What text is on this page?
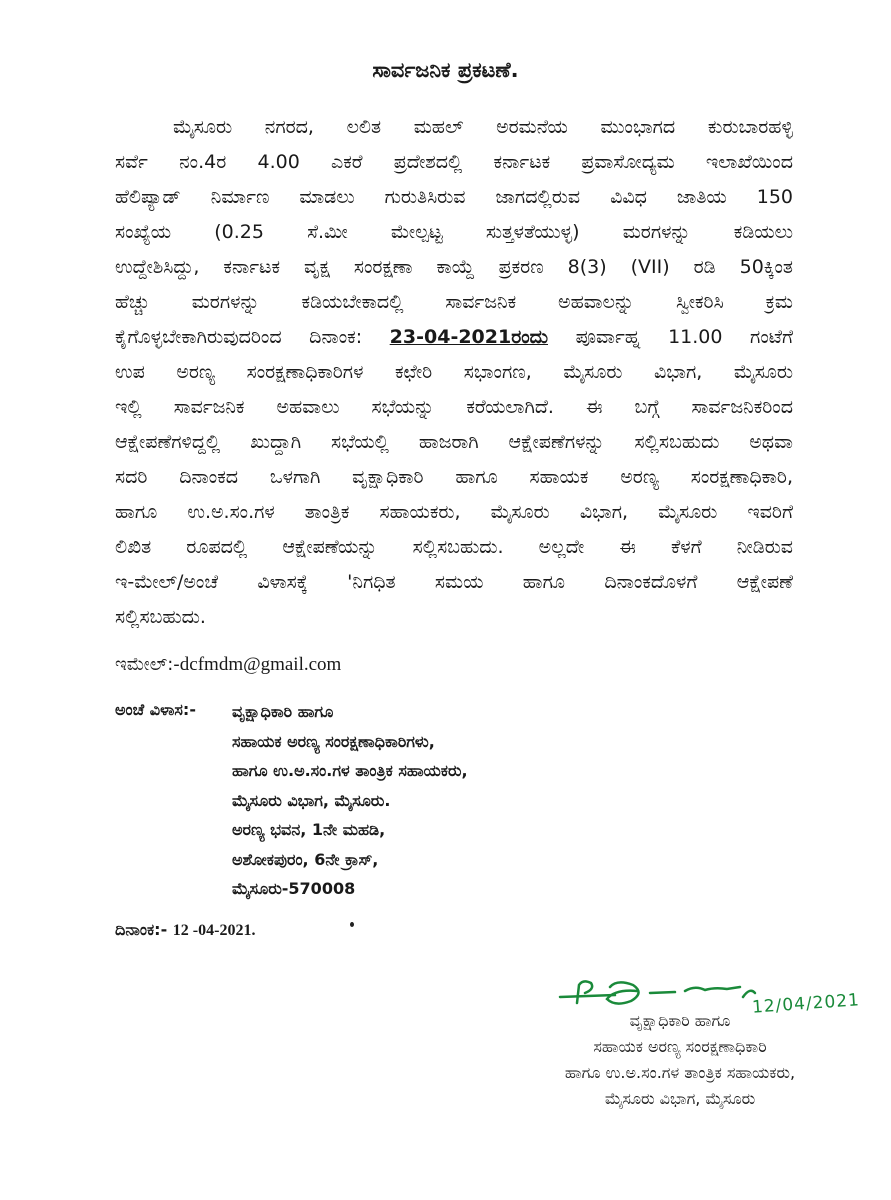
ಸಾರ್ವಜನಿಕ ಪ್ರಕಟಣೆ.
ಮೈಸೂರು ನಗರದ, ಲಲಿತ ಮಹಲ್ ಅರಮನೆಯ ಮುಂಭಾಗದ ಕುರುಬಾರಹಳ್ಳಿ
ಸರ್ವೆ ನಂ.4ರ 4.00 ಎಕರೆ ಪ್ರದೇಶದಲ್ಲಿ ಕರ್ನಾಟಕ ಪ್ರವಾಸೋದ್ಯಮ ಇಲಾಖೆಯಿಂದ
ಹೆಲಿಪ್ಯಾಡ್ ನಿರ್ಮಾಣ ಮಾಡಲು ಗುರುತಿಸಿರುವ ಜಾಗದಲ್ಲಿರುವ ವಿವಿಧ ಜಾತಿಯ 150
ಸಂಖ್ಯೆಯ (0.25 ಸೆ.ಮೀ ಮೇಲ್ಪಟ್ಟ ಸುತ್ತಳತೆಯುಳ್ಳ) ಮರಗಳನ್ನು ಕಡಿಯಲು
ಉದ್ದೇಶಿಸಿದ್ದು, ಕರ್ನಾಟಕ ವೃಕ್ಷ ಸಂರಕ್ಷಣಾ ಕಾಯ್ದೆ ಪ್ರಕರಣ 8(3) (VII) ರಡಿ 50ಕ್ಕಿಂತ
ಹೆಚ್ಚು ಮರಗಳನ್ನು ಕಡಿಯಬೇಕಾದಲ್ಲಿ ಸಾರ್ವಜನಿಕ ಅಹವಾಲನ್ನು ಸ್ವೀಕರಿಸಿ ಕ್ರಮ
ಕೈಗೊಳ್ಳಬೇಕಾಗಿರುವುದರಿಂದ ದಿನಾಂಕ: 23-04-2021ರಂದು ಪೂರ್ವಾಹ್ನ 11.00 ಗಂಟೆಗೆ
ಉಪ ಅರಣ್ಯ ಸಂರಕ್ಷಣಾಧಿಕಾರಿಗಳ ಕಛೇರಿ ಸಭಾಂಗಣ, ಮೈಸೂರು ವಿಭಾಗ, ಮೈಸೂರು
ಇಲ್ಲಿ ಸಾರ್ವಜನಿಕ ಅಹವಾಲು ಸಭೆಯನ್ನು ಕರೆಯಲಾಗಿದೆ. ಈ ಬಗ್ಗೆ ಸಾರ್ವಜನಿಕರಿಂದ
ಆಕ್ಷೇಪಣೆಗಳಿದ್ದಲ್ಲಿ ಖುದ್ದಾಗಿ ಸಭೆಯಲ್ಲಿ ಹಾಜರಾಗಿ ಆಕ್ಷೇಪಣೆಗಳನ್ನು ಸಲ್ಲಿಸಬಹುದು ಅಥವಾ
ಸದರಿ ದಿನಾಂಕದ ಒಳಗಾಗಿ ವೃಕ್ಷಾಧಿಕಾರಿ ಹಾಗೂ ಸಹಾಯಕ ಅರಣ್ಯ ಸಂರಕ್ಷಣಾಧಿಕಾರಿ,
ಹಾಗೂ ಉ.ಅ.ಸಂ.ಗಳ ತಾಂತ್ರಿಕ ಸಹಾಯಕರು, ಮೈಸೂರು ವಿಭಾಗ, ಮೈಸೂರು ಇವರಿಗೆ
ಲಿಖಿತ ರೂಪದಲ್ಲಿ ಆಕ್ಷೇಪಣೆಯನ್ನು ಸಲ್ಲಿಸಬಹುದು. ಅಲ್ಲದೇ ಈ ಕೆಳಗೆ ನೀಡಿರುವ
ಇ-ಮೇಲ್/ಅಂಚೆ ವಿಳಾಸಕ್ಕೆ 'ನಿಗಧಿತ ಸಮಯ ಹಾಗೂ ದಿನಾಂಕದೊಳಗೆ ಆಕ್ಷೇಪಣೆ
ಸಲ್ಲಿಸಬಹುದು.
ಇಮೇಲ್:-dcfmdm@gmail.com
ಅಂಚೆ ವಿಳಾಸ:- ವೃಕ್ಷಾಧಿಕಾರಿ ಹಾಗೂ
ಸಹಾಯಕ ಅರಣ್ಯ ಸಂರಕ್ಷಣಾಧಿಕಾರಿಗಳು,
ಹಾಗೂ ಉ.ಅ.ಸಂ.ಗಳ ತಾಂತ್ರಿಕ ಸಹಾಯಕರು,
ಮೈಸೂರು ವಿಭಾಗ, ಮೈಸೂರು.
ಅರಣ್ಯ ಭವನ, 1ನೇ ಮಹಡಿ,
ಅಶೋಕಪುರಂ, 6ನೇ ಕ್ರಾಸ್,
ಮೈಸೂರು-570008
ದಿನಾಂಕ:- 12 -04-2021.
12/04/2021
ವೃಕ್ಷಾಧಿಕಾರಿ ಹಾಗೂ
ಸಹಾಯಕ ಅರಣ್ಯ ಸಂರಕ್ಷಣಾಧಿಕಾರಿ
ಹಾಗೂ ಉ.ಅ.ಸಂ.ಗಳ ತಾಂತ್ರಿಕ ಸಹಾಯಕರು,
ಮೈಸೂರು ವಿಭಾಗ, ಮೈಸೂರು
